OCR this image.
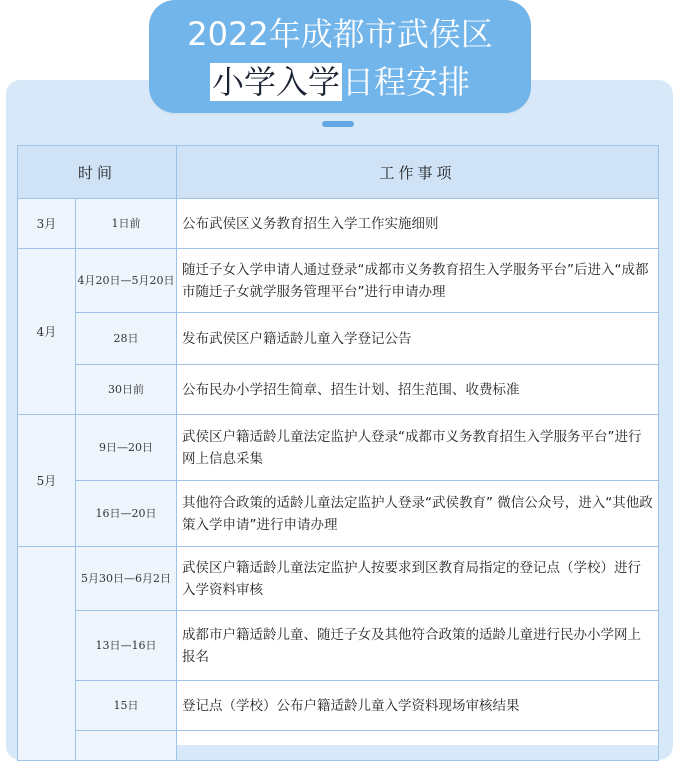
2022年成都市武侯区
小学入学日程安排
时间		工作事项
3月	1日前	公布武侯区义务教育招生入学工作实施细则
4月	4月20日—5月20日	随迁子女入学申请人通过登录“成都市义务教育招生入学服务平台”后进入“成都市随迁子女就学服务管理平台”进行申请办理
	28日	发布武侯区户籍适龄儿童入学登记公告
	30日前	公布民办小学招生简章、招生计划、招生范围、收费标准
5月	9日—20日	武侯区户籍适龄儿童法定监护人登录“成都市义务教育招生入学服务平台”进行网上信息采集
	16日—20日	其他符合政策的适龄儿童法定监护人登录“武侯教育” 微信公众号，进入“其他政策入学申请”进行申请办理
	5月30日—6月2日	武侯区户籍适龄儿童法定监护人按要求到区教育局指定的登记点（学校）进行入学资料审核
	13日—16日	成都市户籍适龄儿童、随迁子女及其他符合政策的适龄儿童进行民办小学网上报名
	15日	登记点（学校）公布户籍适龄儿童入学资料现场审核结果
